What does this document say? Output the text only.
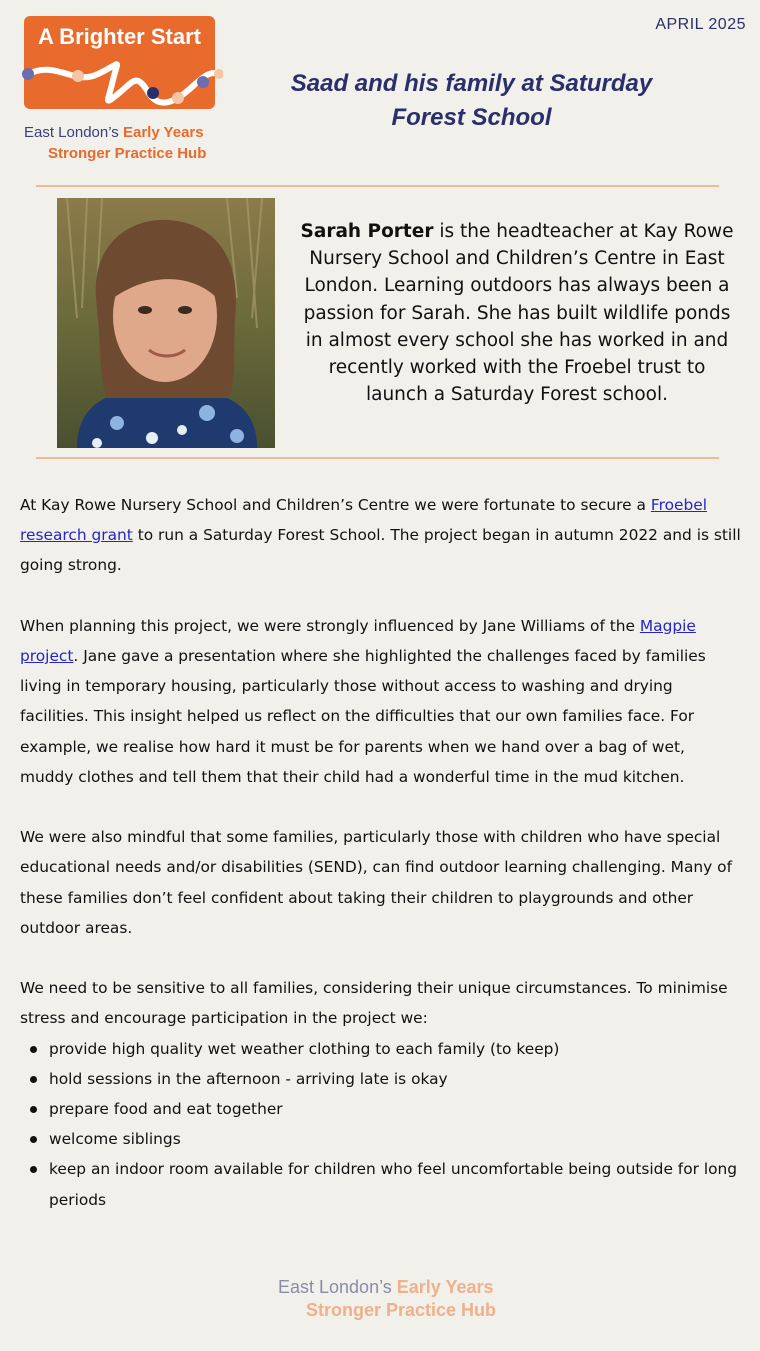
APRIL 2025
A Brighter Start
East London’s Early Years
Stronger Practice Hub
Saad and his family at Saturday
Forest School
Sarah Porter is the headteacher at Kay Rowe Nursery School and Children’s Centre in East London. Learning outdoors has always been a passion for Sarah. She has built wildlife ponds in almost every school she has worked in and recently worked with the Froebel trust to launch a Saturday Forest school.

At Kay Rowe Nursery School and Children’s Centre we were fortunate to secure a Froebel research grant to run a Saturday Forest School. The project began in autumn 2022 and is still going strong.

When planning this project, we were strongly influenced by Jane Williams of the Magpie project. Jane gave a presentation where she highlighted the challenges faced by families living in temporary housing, particularly those without access to washing and drying facilities. This insight helped us reflect on the difficulties that our own families face. For example, we realise how hard it must be for parents when we hand over a bag of wet, muddy clothes and tell them that their child had a wonderful time in the mud kitchen.

We were also mindful that some families, particularly those with children who have special educational needs and/or disabilities (SEND), can find outdoor learning challenging. Many of these families don’t feel confident about taking their children to playgrounds and other outdoor areas.

We need to be sensitive to all families, considering their unique circumstances. To minimise stress and encourage participation in the project we:

provide high quality wet weather clothing to each family (to keep)
hold sessions in the afternoon - arriving late is okay
prepare food and eat together
welcome siblings
keep an indoor room available for children who feel uncomfortable being outside for long periods
East London’s Early Years
Stronger Practice Hub
